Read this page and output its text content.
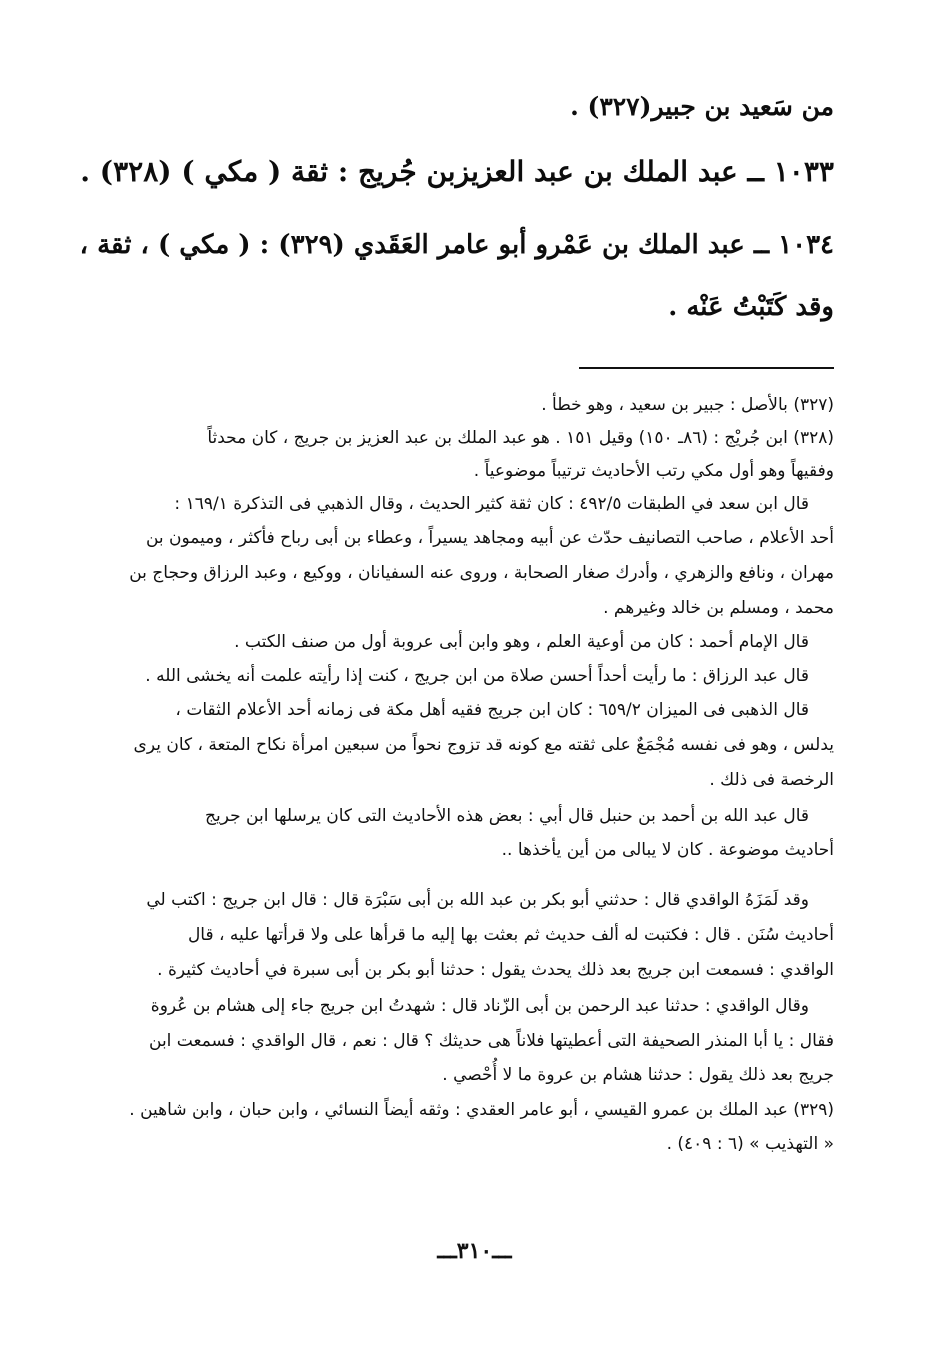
من سَعيد بن جبير(٣٢٧) .
١٠٣٣ ــ عبد الملك بن عبد العزيزبن جُريج : ثقة ( مكي ) (٣٢٨) .
١٠٣٤ ــ عبد الملك بن عَمْرو أبو عامر العَقَدي (٣٢٩) : ( مكي ) ، ثقة ،
وقد كَتَبْتُ عَنْه .
(٣٢٧) بالأصل : جبير بن سعيد ، وهو خطأ .
(٣٢٨) ابن جُريْج : (٨٦ـ ١٥٠) وقيل ١٥١ . هو عبد الملك بن عبد العزيز بن جريج ، كان محدثاً
وفقيهاً وهو أول مكي رتب الأحاديث ترتيباً موضوعياً .
قال ابن سعد في الطبقات ٤٩٢/٥ : كان ثقة كثير الحديث ، وقال الذهبي فى التذكرة ١٦٩/١ :
أحد الأعلام ، صاحب التصانيف حدّث عن أبيه ومجاهد يسيراً ، وعطاء بن أبى رباح فأكثر ، وميمون بن
مهران ، ونافع والزهري ، وأدرك صغار الصحابة ، وروى عنه السفيانان ، ووكيع ، وعبد الرزاق وحجاج بن
محمد ، ومسلم بن خالد وغيرهم .
قال الإمام أحمد : كان من أوعية العلم ، وهو وابن أبى عروبة أول من صنف الكتب .
قال عبد الرزاق : ما رأيت أحداً أحسن صلاة من ابن جريج ، كنت إذا رأيته علمت أنه يخشى الله .
قال الذهبى فى الميزان ٦٥٩/٢ : كان ابن جريج فقيه أهل مكة فى زمانه أحد الأعلام الثقات ،
يدلس ، وهو فى نفسه مُجْمَعٌ على ثقته مع كونه قد تزوج نحواً من سبعين امرأة نكاح المتعة ، كان يرى
الرخصة فى ذلك .
قال عبد الله بن أحمد بن حنبل قال أبي : بعض هذه الأحاديث التى كان يرسلها ابن جريج
أحاديث موضوعة . كان لا يبالى من أين يأخذها ..
وقد لَمَزَهُ الواقدي قال : حدثني أبو بكر بن عبد الله بن أبى سَبْرَة قال : قال ابن جريج : اكتب لي
أحاديث سُنَن . قال : فكتبت له ألف حديث ثم بعثت بها إليه ما قرأها على ولا قرأتها عليه ، قال
الواقدي : فسمعت ابن جريج بعد ذلك يحدث يقول : حدثنا أبو بكر بن أبى سبرة في أحاديث كثيرة .
وقال الواقدي : حدثنا عبد الرحمن بن أبى الزّناد قال : شهدتُ ابن جريج جاء إلى هشام بن عُروة
فقال : يا أبا المنذر الصحيفة التى أعطيتها فلاناً هى حديثك ؟ قال : نعم ، قال الواقدي : فسمعت ابن
جريج بعد ذلك يقول : حدثنا هشام بن عروة ما لا أُحْصي .
(٣٢٩) عبد الملك بن عمرو القيسي ، أبو عامر العقدي : وثقه أيضاً النسائي ، وابن حبان ، وابن شاهين .
« التهذيب » (٦ : ٤٠٩) .
ـــ٣١٠ـــ
